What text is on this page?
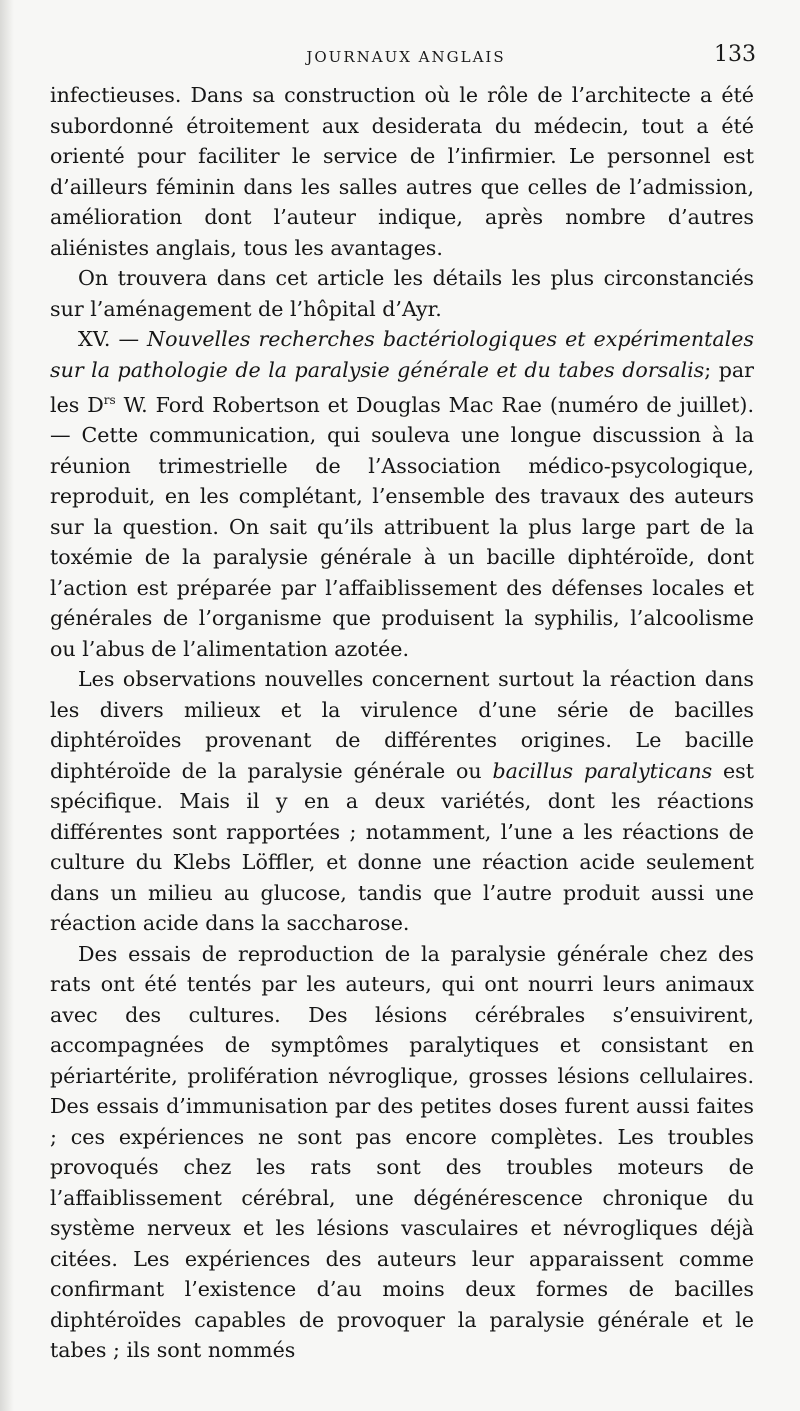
JOURNAUX ANGLAIS	133

infectieuses. Dans sa construction où le rôle de l’architecte a été subordonné étroitement aux desiderata du médecin, tout a été orienté pour faciliter le service de l’infirmier. Le personnel est d’ailleurs féminin dans les salles autres que celles de l’admission, amélioration dont l’auteur indique, après nombre d’autres aliénistes anglais, tous les avantages.

On trouvera dans cet article les détails les plus circonstanciés sur l’aménagement de l’hôpital d’Ayr.

XV. — Nouvelles recherches bactériologiques et expérimentales sur la pathologie de la paralysie générale et du tabes dorsalis; par les $D^{rs}$ W. Ford Robertson et Douglas Mac Rae (numéro de juillet). — Cette communication, qui souleva une longue discussion à la réunion trimestrielle de l’Association médico-psycologique, reproduit, en les complétant, l’ensemble des travaux des auteurs sur la question. On sait qu’ils attribuent la plus large part de la toxémie de la paralysie générale à un bacille diphtéroïde, dont l’action est préparée par l’affaiblissement des défenses locales et générales de l’organisme que produisent la syphilis, l’alcoolisme ou l’abus de l’alimentation azotée.

Les observations nouvelles concernent surtout la réaction dans les divers milieux et la virulence d’une série de bacilles diphtéroïdes provenant de différentes origines. Le bacille diphtéroïde de la paralysie générale ou bacillus paralyticans est spécifique. Mais il y en a deux variétés, dont les réactions différentes sont rapportées ; notamment, l’une a les réactions de culture du Klebs Löffler, et donne une réaction acide seulement dans un milieu au glucose, tandis que l’autre produit aussi une réaction acide dans la saccharose.

Des essais de reproduction de la paralysie générale chez des rats ont été tentés par les auteurs, qui ont nourri leurs animaux avec des cultures. Des lésions cérébrales s’ensuivirent, accompagnées de symptômes paralytiques et consistant en périartérite, prolifération névroglique, grosses lésions cellulaires. Des essais d’immunisation par des petites doses furent aussi faites ; ces expériences ne sont pas encore complètes. Les troubles provoqués chez les rats sont des troubles moteurs de l’affaiblissement cérébral, une dégénérescence chronique du système nerveux et les lésions vasculaires et névrogliques déjà citées. Les expériences des auteurs leur apparaissent comme confirmant l’existence d’au moins deux formes de bacilles diphtéroïdes capables de provoquer la paralysie générale et le tabes ; ils sont nommés
